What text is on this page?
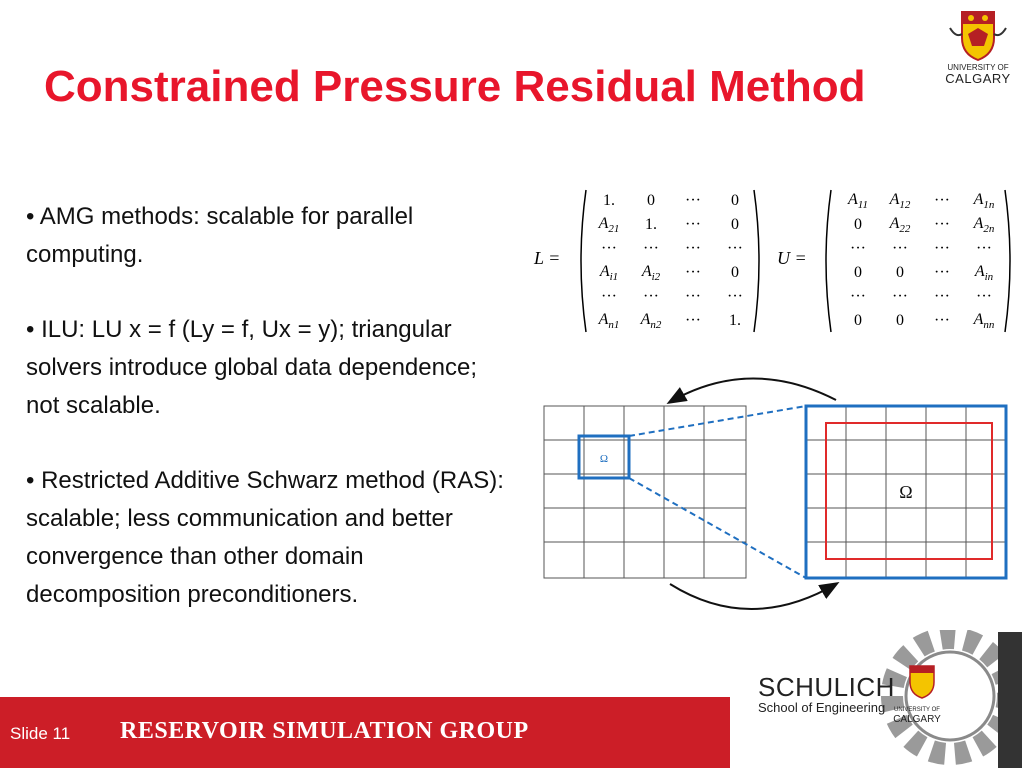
Constrained Pressure Residual Method	UNIVERSITY OF
CALGARY

• AMG methods: scalable for parallel computing.

• ILU: LU x = f (Ly = f, Ux = y); triangular solvers introduce global data dependence; not scalable.

• Restricted Additive Schwarz method (RAS): scalable; less communication and better convergence than other domain decomposition preconditioners.

L =
1.	0	···	0
$A_{21}$	1.	···	0
···	···	···	···
$A_{i1}$	$A_{i2}$	···	0
···	···	···	···
$A_{n1}$	$A_{n2}$	···	1.
U =
$A_{11}$	$A_{12}$	···	$A_{1n}$
0	$A_{22}$	···	$A_{2n}$
···	···	···	···
0	0	···	$A_{in}$
···	···	···	···
0	0	···	$A_{nn}$
Ω
Ω
Slide 11 RESERVOIR SIMULATION GROUP
SCHULICH
School of Engineering	UNIVERSITY OF
CALGARY
